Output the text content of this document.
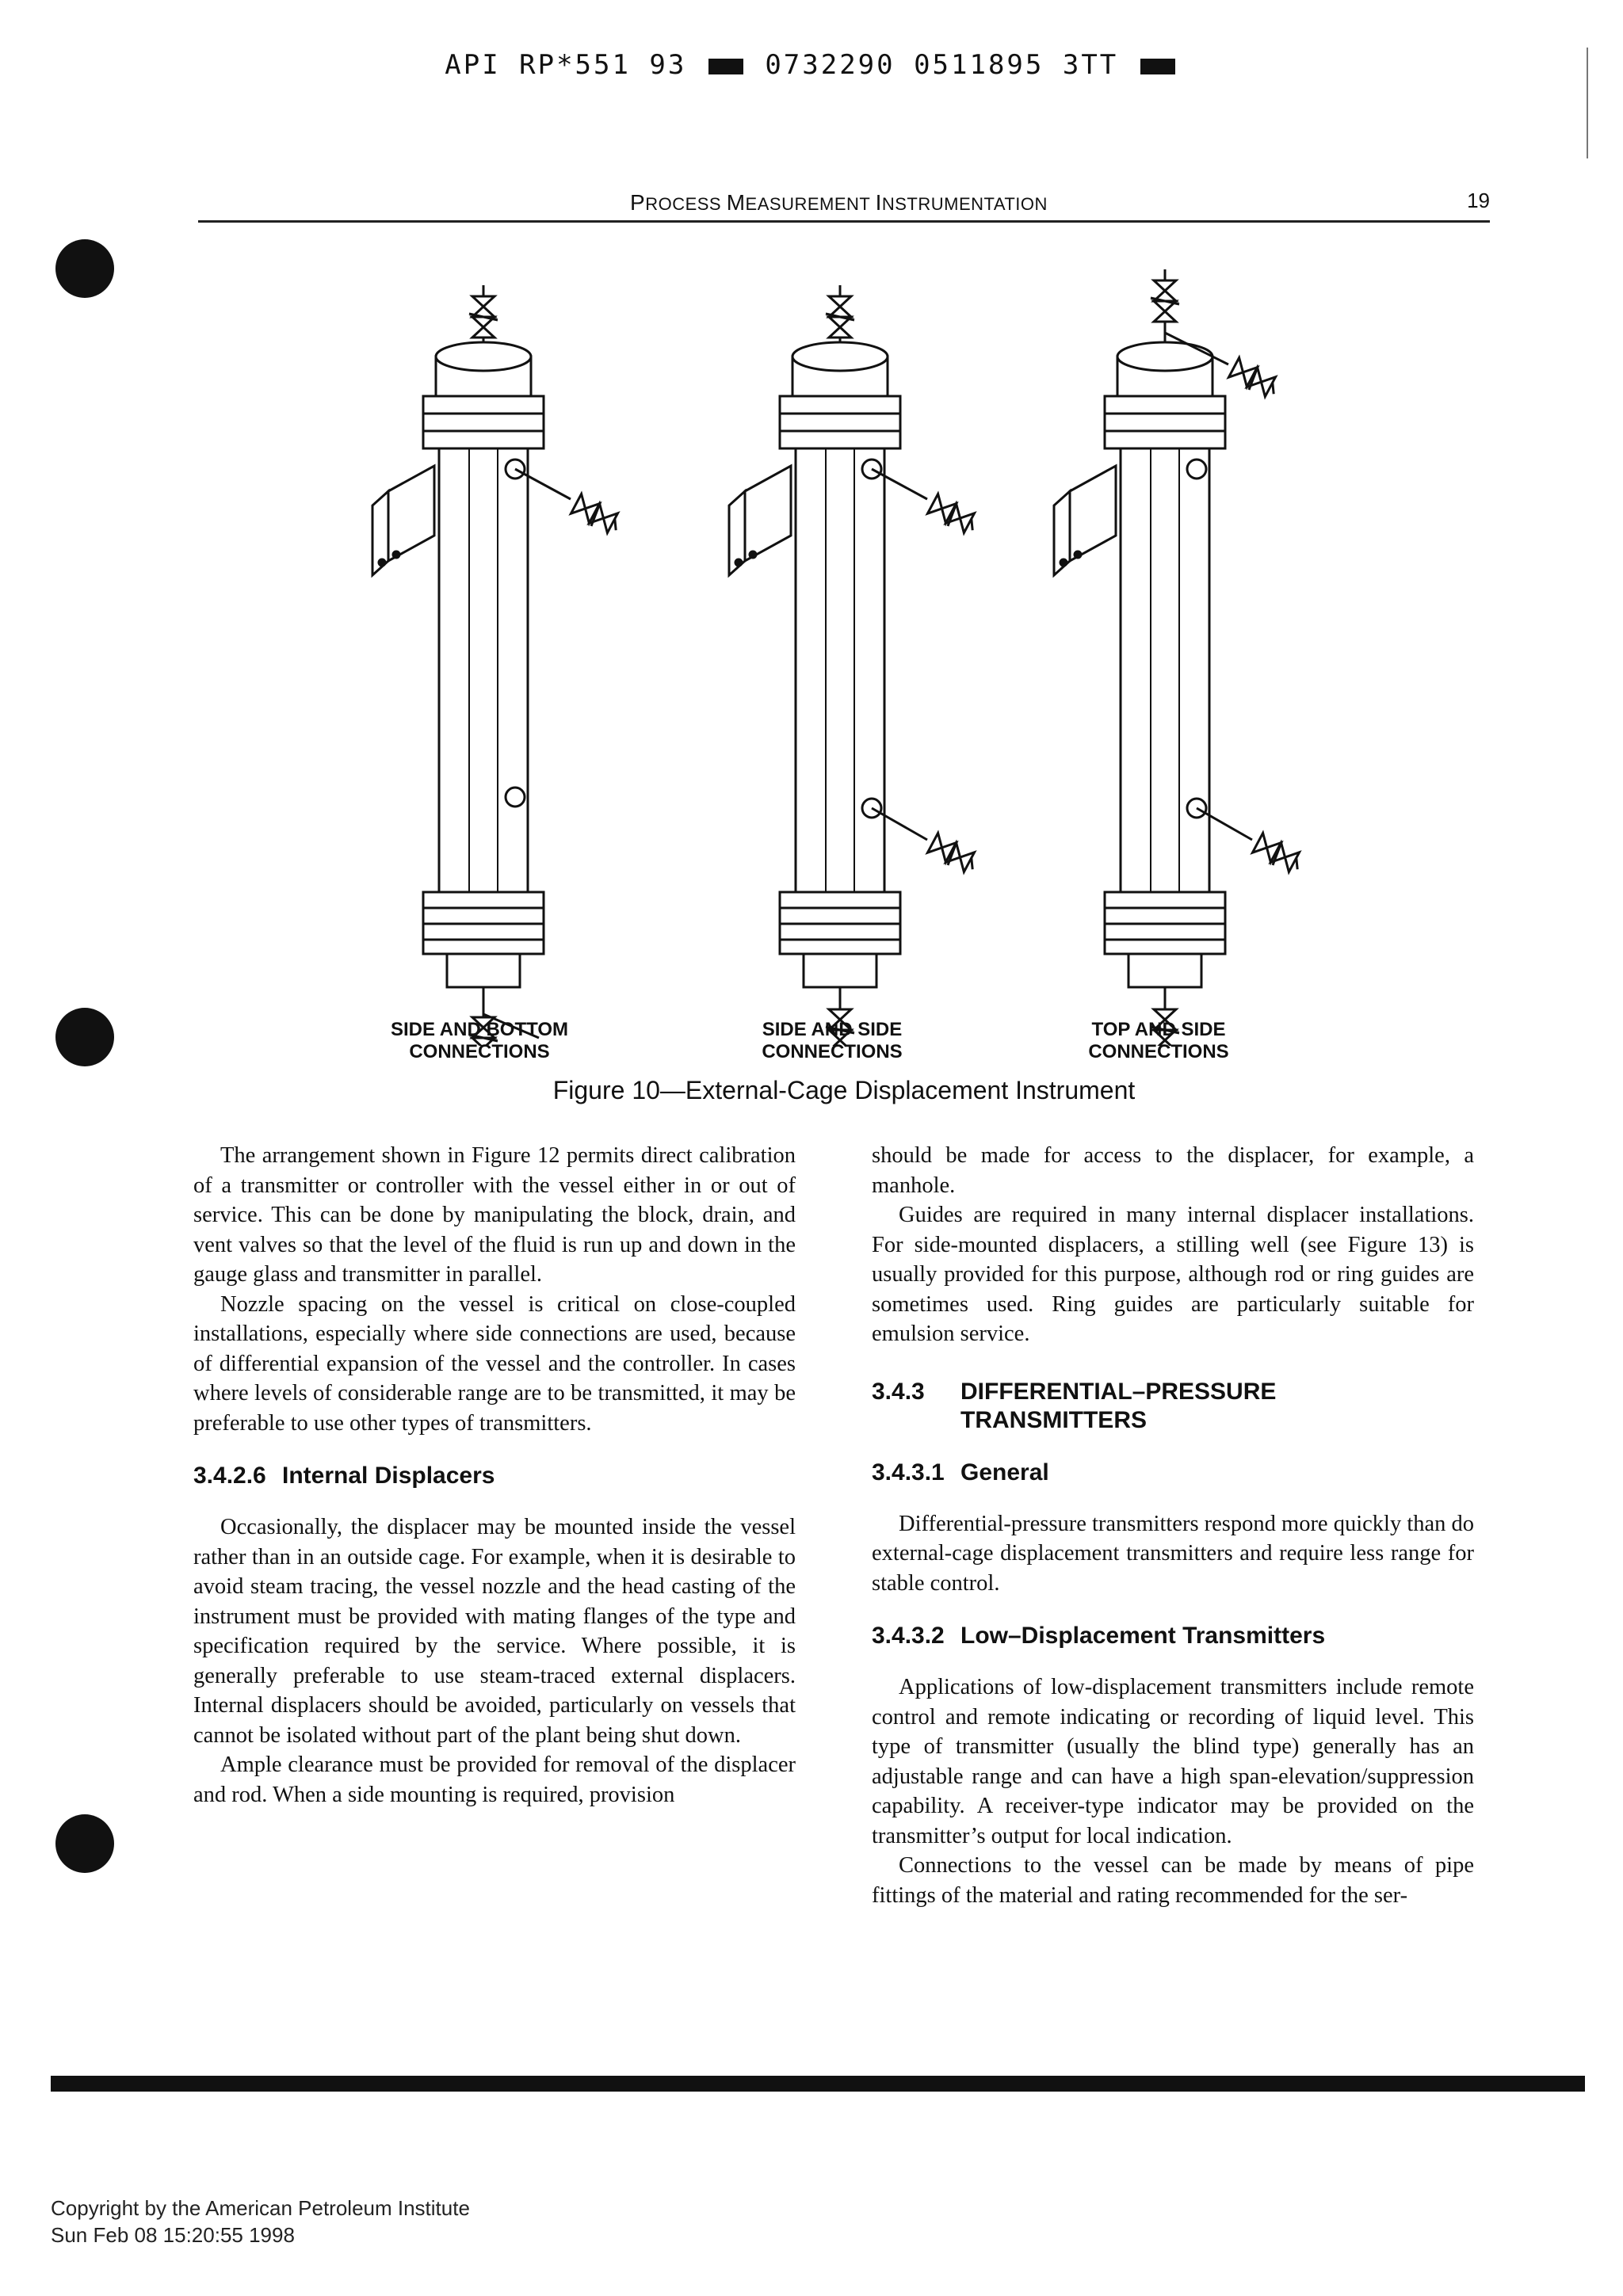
API RP*551 93	0732290 0511895 3TT
PROCESS MEASUREMENT INSTRUMENTATION	19
SIDE AND BOTTOM
CONNECTIONS
SIDE AND SIDE
CONNECTIONS
TOP AND SIDE
CONNECTIONS
Figure 10—External-Cage Displacement Instrument

The arrangement shown in Figure 12 permits direct calibration of a transmitter or controller with the vessel either in or out of service. This can be done by manipulating the block, drain, and vent valves so that the level of the fluid is run up and down in the gauge glass and transmitter in parallel.

Nozzle spacing on the vessel is critical on close-coupled installations, especially where side connections are used, because of differential expansion of the vessel and the controller. In cases where levels of considerable range are to be transmitted, it may be preferable to use other types of transmitters.

3.4.2.6 Internal Displacers

Occasionally, the displacer may be mounted inside the vessel rather than in an outside cage. For example, when it is desirable to avoid steam tracing, the vessel nozzle and the head casting of the instrument must be provided with mating flanges of the type and specification required by the service. Where possible, it is generally preferable to use steam-traced external displacers. Internal displacers should be avoided, particularly on vessels that cannot be isolated without part of the plant being shut down.

Ample clearance must be provided for removal of the displacer and rod. When a side mounting is required, provision

should be made for access to the displacer, for example, a manhole.

Guides are required in many internal displacer installations. For side-mounted displacers, a stilling well (see Figure 13) is usually provided for this purpose, although rod or ring guides are sometimes used. Ring guides are particularly suitable for emulsion service.

3.4.3 DIFFERENTIAL–PRESSURE
TRANSMITTERS
3.4.3.1 General

Differential-pressure transmitters respond more quickly than do external-cage displacement transmitters and require less range for stable control.

3.4.3.2 Low–Displacement Transmitters

Applications of low-displacement transmitters include remote control and remote indicating or recording of liquid level. This type of transmitter (usually the blind type) generally has an adjustable range and can have a high span-elevation/suppression capability. A receiver-type indicator may be provided on the transmitter’s output for local indication.

Connections to the vessel can be made by means of pipe fittings of the material and rating recommended for the ser-

Copyright by the American Petroleum Institute
Sun Feb 08 15:20:55 1998
